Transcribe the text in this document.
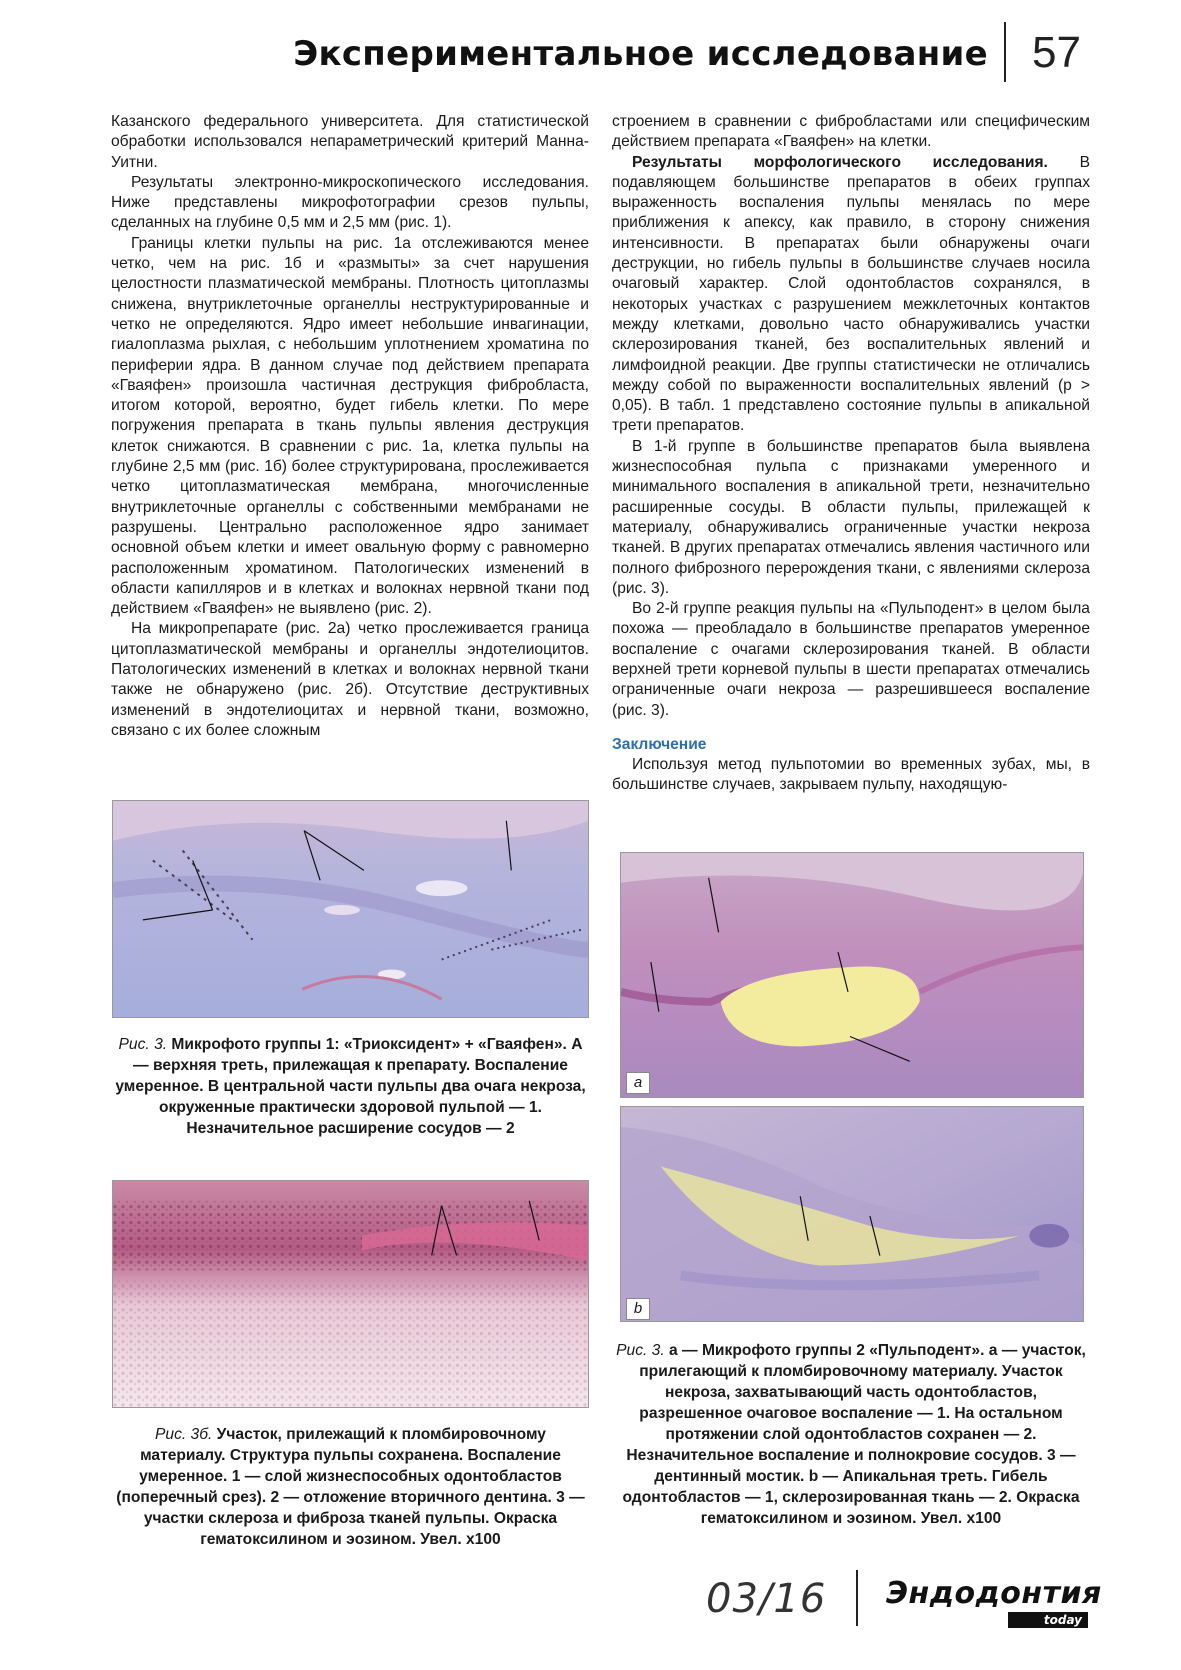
Экспериментальное исследование 57

Казанского федерального университета. Для статистической обработки использовался непараметрический критерий Манна-Уитни.

Результаты электронно-микроскопического исследования. Ниже представлены микрофотографии срезов пульпы, сделанных на глубине 0,5 мм и 2,5 мм (рис. 1).

Границы клетки пульпы на рис. 1а отслеживаются менее четко, чем на рис. 1б и «размыты» за счет нарушения целостности плазматической мембраны. Плотность цитоплазмы снижена, внутриклеточные органеллы неструктурированные и четко не определяются. Ядро имеет небольшие инвагинации, гиалоплазма рыхлая, с небольшим уплотнением хроматина по периферии ядра. В данном случае под действием препарата «Гваяфен» произошла частичная деструкция фибробласта, итогом которой, вероятно, будет гибель клетки. По мере погружения препарата в ткань пульпы явления деструкция клеток снижаются. В сравнении с рис. 1а, клетка пульпы на глубине 2,5 мм (рис. 1б) более структурирована, прослеживается четко цитоплазматическая мембрана, многочисленные внутриклеточные органеллы с собственными мембранами не разрушены. Центрально расположенное ядро занимает основной объем клетки и имеет овальную форму с равномерно расположенным хроматином. Патологических изменений в области капилляров и в клетках и волокнах нервной ткани под действием «Гваяфен» не выявлено (рис. 2).

На микропрепарате (рис. 2а) четко прослеживается граница цитоплазматической мембраны и органеллы эндотелиоцитов. Патологических изменений в клетках и волокнах нервной ткани также не обнаружено (рис. 2б). Отсутствие деструктивных изменений в эндотелиоцитах и нервной ткани, возможно, связано с их более сложным

строением в сравнении с фибробластами или специфическим действием препарата «Гваяфен» на клетки.

Результаты морфологического исследования. В подавляющем большинстве препаратов в обеих группах выраженность воспаления пульпы менялась по мере приближения к апексу, как правило, в сторону снижения интенсивности. В препаратах были обнаружены очаги деструкции, но гибель пульпы в большинстве случаев носила очаговый характер. Слой одонтобластов сохранялся, в некоторых участках с разрушением межклеточных контактов между клетками, довольно часто обнаруживались участки склерозирования тканей, без воспалительных явлений и лимфоидной реакции. Две группы статистически не отличались между собой по выраженности воспалительных явлений (p > 0,05). В табл. 1 представлено состояние пульпы в апикальной трети препаратов.

В 1-й группе в большинстве препаратов была выявлена жизнеспособная пульпа с признаками умеренного и минимального воспаления в апикальной трети, незначительно расширенные сосуды. В области пульпы, прилежащей к материалу, обнаруживались ограниченные участки некроза тканей. В других препаратах отмечались явления частичного или полного фиброзного перерождения ткани, с явлениями склероза (рис. 3).

Во 2-й группе реакция пульпы на «Пульподент» в целом была похожа — преобладало в большинстве препаратов умеренное воспаление с очагами склерозирования тканей. В области верхней трети корневой пульпы в шести препаратах отмечались ограниченные очаги некроза — разрешившееся воспаление (рис. 3).

Заключение

Используя метод пульпотомии во временных зубах, мы, в большинстве случаев, закрываем пульпу, находящую-

Рис. 3. Микрофото группы 1: «Триоксидент» + «Гваяфен». А — верхняя треть, прилежащая к препарату. Воспаление умеренное. В центральной части пульпы два очага некроза, окруженные практически здоровой пульпой — 1. Незначительное расширение сосудов — 2
Рис. 3б. Участок, прилежащий к пломбировочному материалу. Структура пульпы сохранена. Воспаление умеренное. 1 — слой жизнеспособных одонтобластов (поперечный срез). 2 — отложение вторичного дентина. 3 — участки склероза и фиброза тканей пульпы. Окраска гематоксилином и эозином. Увел. х100
a
b
Рис. 3. а — Микрофото группы 2 «Пульподент». а — участок, прилегающий к пломбировочному материалу. Участок некроза, захватывающий часть одонтобластов, разрешенное очаговое воспаление — 1. На остальном протяжении слой одонтобластов сохранен — 2. Незначительное воспаление и полнокровие сосудов. 3 — дентинный мостик. b — Апикальная треть. Гибель одонтобластов — 1, склерозированная ткань — 2. Окраска гематоксилином и эозином. Увел. х100
03/16 Эндодонтия
today
